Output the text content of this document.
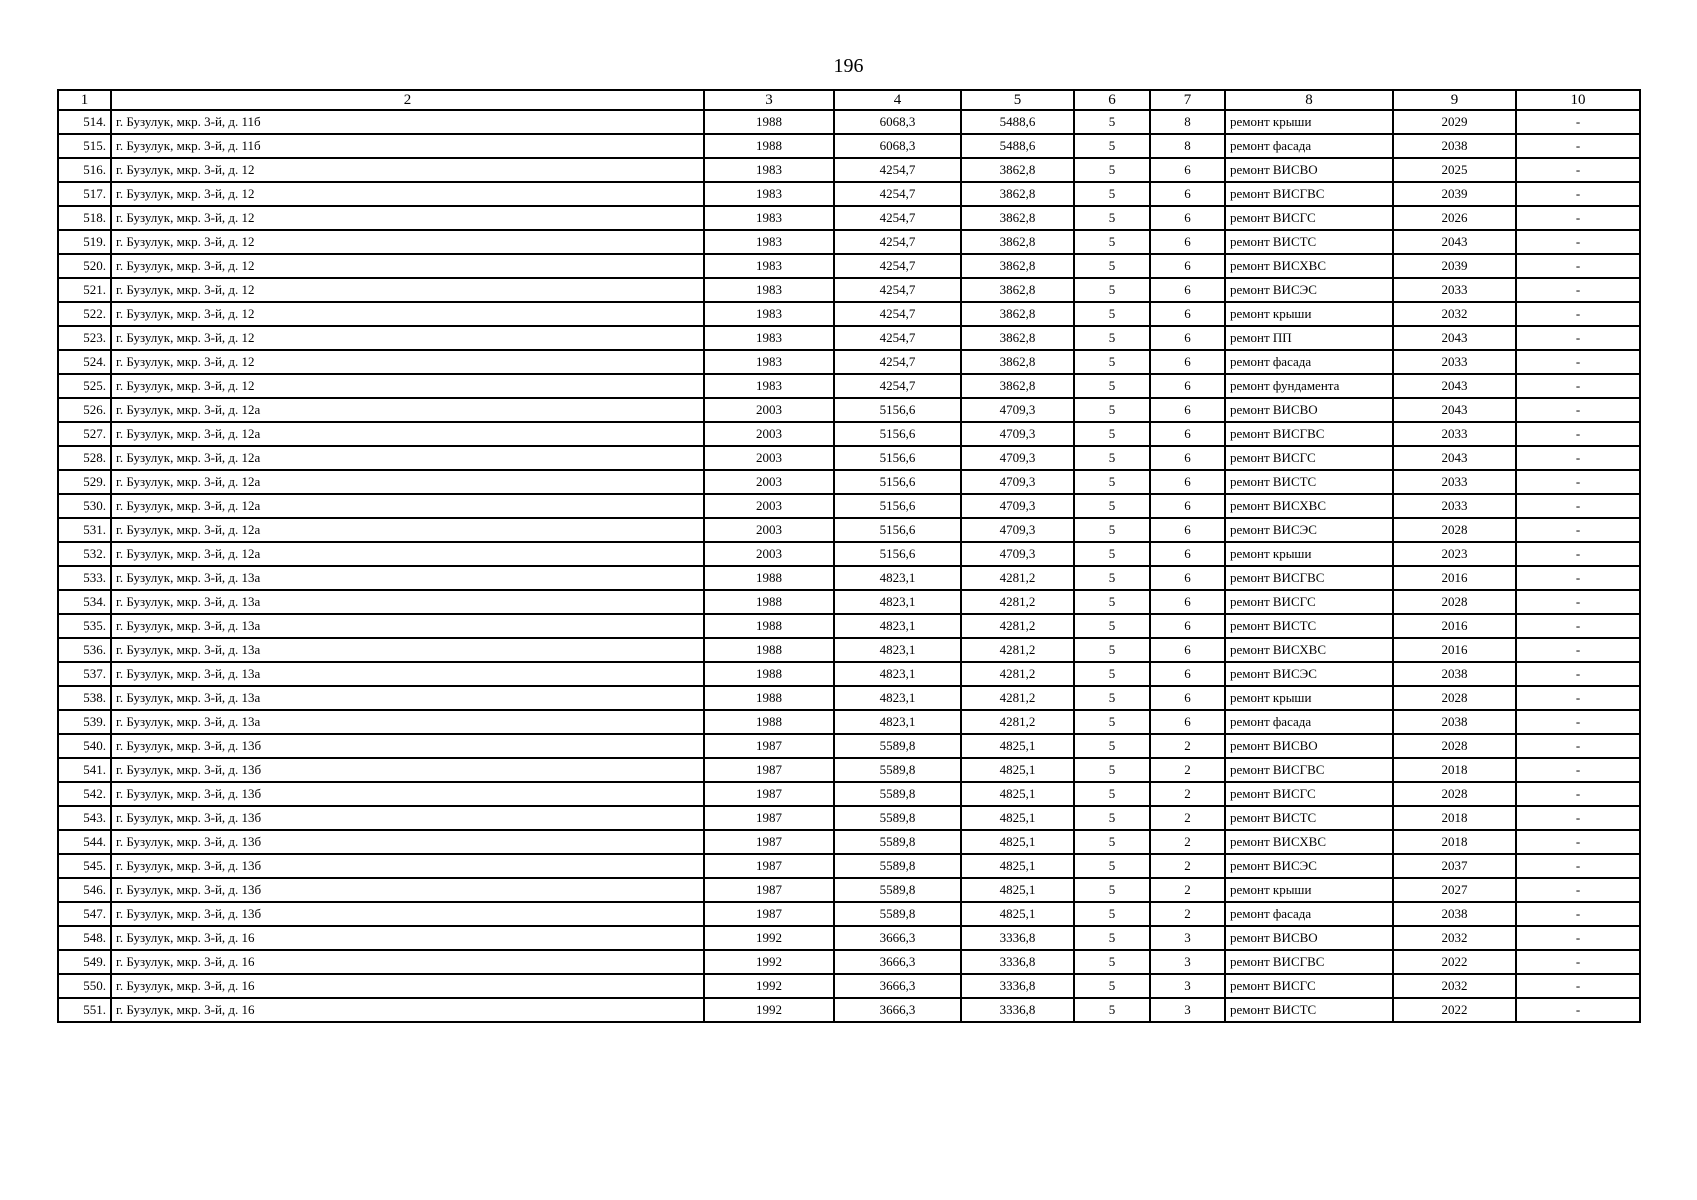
196
1	2	3	4	5	6	7	8	9	10
514.	г. Бузулук, мкр. 3-й, д. 11б	1988	6068,3	5488,6	5	8	ремонт крыши	2029	-
515.	г. Бузулук, мкр. 3-й, д. 11б	1988	6068,3	5488,6	5	8	ремонт фасада	2038	-
516.	г. Бузулук, мкр. 3-й, д. 12	1983	4254,7	3862,8	5	6	ремонт ВИСВО	2025	-
517.	г. Бузулук, мкр. 3-й, д. 12	1983	4254,7	3862,8	5	6	ремонт ВИСГВС	2039	-
518.	г. Бузулук, мкр. 3-й, д. 12	1983	4254,7	3862,8	5	6	ремонт ВИСГС	2026	-
519.	г. Бузулук, мкр. 3-й, д. 12	1983	4254,7	3862,8	5	6	ремонт ВИСТС	2043	-
520.	г. Бузулук, мкр. 3-й, д. 12	1983	4254,7	3862,8	5	6	ремонт ВИСХВС	2039	-
521.	г. Бузулук, мкр. 3-й, д. 12	1983	4254,7	3862,8	5	6	ремонт ВИСЭС	2033	-
522.	г. Бузулук, мкр. 3-й, д. 12	1983	4254,7	3862,8	5	6	ремонт крыши	2032	-
523.	г. Бузулук, мкр. 3-й, д. 12	1983	4254,7	3862,8	5	6	ремонт ПП	2043	-
524.	г. Бузулук, мкр. 3-й, д. 12	1983	4254,7	3862,8	5	6	ремонт фасада	2033	-
525.	г. Бузулук, мкр. 3-й, д. 12	1983	4254,7	3862,8	5	6	ремонт фундамента	2043	-
526.	г. Бузулук, мкр. 3-й, д. 12а	2003	5156,6	4709,3	5	6	ремонт ВИСВО	2043	-
527.	г. Бузулук, мкр. 3-й, д. 12а	2003	5156,6	4709,3	5	6	ремонт ВИСГВС	2033	-
528.	г. Бузулук, мкр. 3-й, д. 12а	2003	5156,6	4709,3	5	6	ремонт ВИСГС	2043	-
529.	г. Бузулук, мкр. 3-й, д. 12а	2003	5156,6	4709,3	5	6	ремонт ВИСТС	2033	-
530.	г. Бузулук, мкр. 3-й, д. 12а	2003	5156,6	4709,3	5	6	ремонт ВИСХВС	2033	-
531.	г. Бузулук, мкр. 3-й, д. 12а	2003	5156,6	4709,3	5	6	ремонт ВИСЭС	2028	-
532.	г. Бузулук, мкр. 3-й, д. 12а	2003	5156,6	4709,3	5	6	ремонт крыши	2023	-
533.	г. Бузулук, мкр. 3-й, д. 13а	1988	4823,1	4281,2	5	6	ремонт ВИСГВС	2016	-
534.	г. Бузулук, мкр. 3-й, д. 13а	1988	4823,1	4281,2	5	6	ремонт ВИСГС	2028	-
535.	г. Бузулук, мкр. 3-й, д. 13а	1988	4823,1	4281,2	5	6	ремонт ВИСТС	2016	-
536.	г. Бузулук, мкр. 3-й, д. 13а	1988	4823,1	4281,2	5	6	ремонт ВИСХВС	2016	-
537.	г. Бузулук, мкр. 3-й, д. 13а	1988	4823,1	4281,2	5	6	ремонт ВИСЭС	2038	-
538.	г. Бузулук, мкр. 3-й, д. 13а	1988	4823,1	4281,2	5	6	ремонт крыши	2028	-
539.	г. Бузулук, мкр. 3-й, д. 13а	1988	4823,1	4281,2	5	6	ремонт фасада	2038	-
540.	г. Бузулук, мкр. 3-й, д. 13б	1987	5589,8	4825,1	5	2	ремонт ВИСВО	2028	-
541.	г. Бузулук, мкр. 3-й, д. 13б	1987	5589,8	4825,1	5	2	ремонт ВИСГВС	2018	-
542.	г. Бузулук, мкр. 3-й, д. 13б	1987	5589,8	4825,1	5	2	ремонт ВИСГС	2028	-
543.	г. Бузулук, мкр. 3-й, д. 13б	1987	5589,8	4825,1	5	2	ремонт ВИСТС	2018	-
544.	г. Бузулук, мкр. 3-й, д. 13б	1987	5589,8	4825,1	5	2	ремонт ВИСХВС	2018	-
545.	г. Бузулук, мкр. 3-й, д. 13б	1987	5589,8	4825,1	5	2	ремонт ВИСЭС	2037	-
546.	г. Бузулук, мкр. 3-й, д. 13б	1987	5589,8	4825,1	5	2	ремонт крыши	2027	-
547.	г. Бузулук, мкр. 3-й, д. 13б	1987	5589,8	4825,1	5	2	ремонт фасада	2038	-
548.	г. Бузулук, мкр. 3-й, д. 16	1992	3666,3	3336,8	5	3	ремонт ВИСВО	2032	-
549.	г. Бузулук, мкр. 3-й, д. 16	1992	3666,3	3336,8	5	3	ремонт ВИСГВС	2022	-
550.	г. Бузулук, мкр. 3-й, д. 16	1992	3666,3	3336,8	5	3	ремонт ВИСГС	2032	-
551.	г. Бузулук, мкр. 3-й, д. 16	1992	3666,3	3336,8	5	3	ремонт ВИСТС	2022	-
